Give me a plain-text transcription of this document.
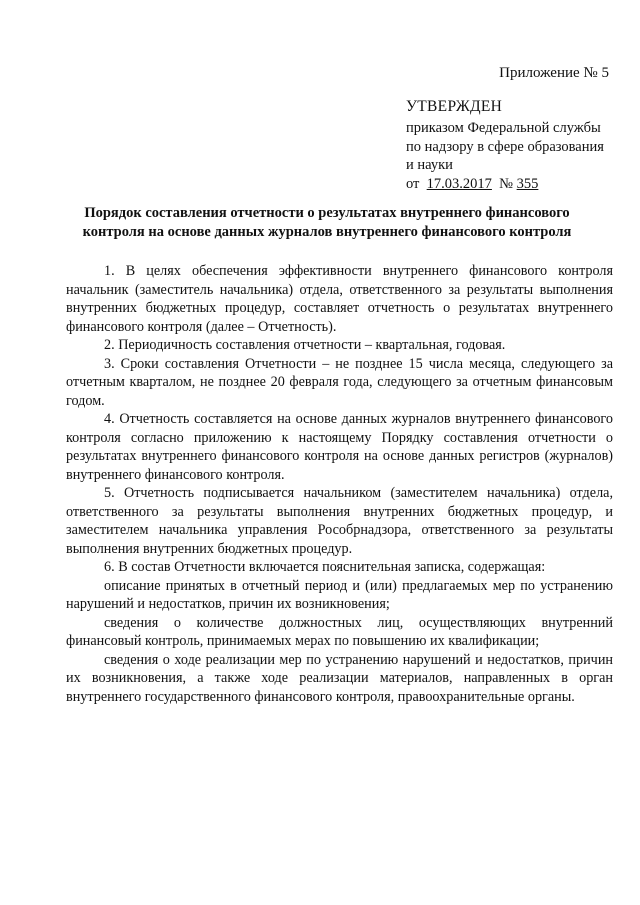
Приложение № 5
УТВЕРЖДЕН
приказом Федеральной службы
по надзору в сфере образования
и науки
от 17.03.2017 № 355
Порядок составления отчетности о результатах внутреннего финансового контроля на основе данных журналов внутреннего финансового контроля

1. В целях обеспечения эффективности внутреннего финансового контроля начальник (заместитель начальника) отдела, ответственного за результаты выполнения внутренних бюджетных процедур, составляет отчетность о результатах внутреннего финансового контроля (далее – Отчетность).

2. Периодичность составления отчетности – квартальная, годовая.

3. Сроки составления Отчетности – не позднее 15 числа месяца, следующего за отчетным кварталом, не позднее 20 февраля года, следующего за отчетным финансовым годом.

4. Отчетность составляется на основе данных журналов внутреннего финансового контроля согласно приложению к настоящему Порядку составления отчетности о результатах внутреннего финансового контроля на основе данных регистров (журналов) внутреннего финансового контроля.

5. Отчетность подписывается начальником (заместителем начальника) отдела, ответственного за результаты выполнения внутренних бюджетных процедур, и заместителем начальника управления Рособрнадзора, ответственного за результаты выполнения внутренних бюджетных процедур.

6. В состав Отчетности включается пояснительная записка, содержащая:

описание принятых в отчетный период и (или) предлагаемых мер по устранению нарушений и недостатков, причин их возникновения;

сведения о количестве должностных лиц, осуществляющих внутренний финансовый контроль, принимаемых мерах по повышению их квалификации;

сведения о ходе реализации мер по устранению нарушений и недостатков, причин их возникновения, а также ходе реализации материалов, направленных в орган внутреннего государственного финансового контроля, правоохранительные органы.
